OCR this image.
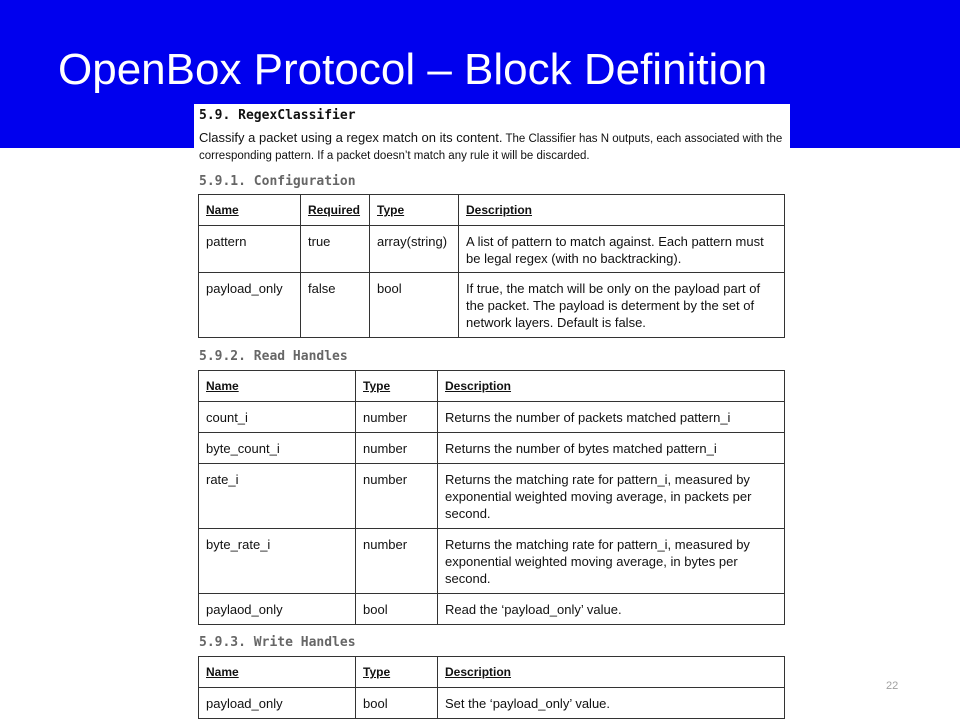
OpenBox Protocol – Block Definition
5.9. RegexClassifier
Classify a packet using a regex match on its content. The Classifier has N outputs, each associated with the corresponding pattern. If a packet doesn’t match any rule it will be discarded.
5.9.1. Configuration
Name	Required	Type	Description
pattern	true	array(string)	A list of pattern to match against. Each pattern must be legal regex (with no backtracking).
payload_only	false	bool	If true, the match will be only on the payload part of the packet. The payload is determent by the set of network layers. Default is false.
5.9.2. Read Handles
Name	Type	Description
count_i	number	Returns the number of packets matched pattern_i
byte_count_i	number	Returns the number of bytes matched pattern_i
rate_i	number	Returns the matching rate for pattern_i, measured by exponential weighted moving average, in packets per second.
byte_rate_i	number	Returns the matching rate for pattern_i, measured by exponential weighted moving average, in bytes per second.
paylaod_only	bool	Read the ‘payload_only’ value.
5.9.3. Write Handles
Name	Type	Description
payload_only	bool	Set the ‘payload_only’ value.
22
